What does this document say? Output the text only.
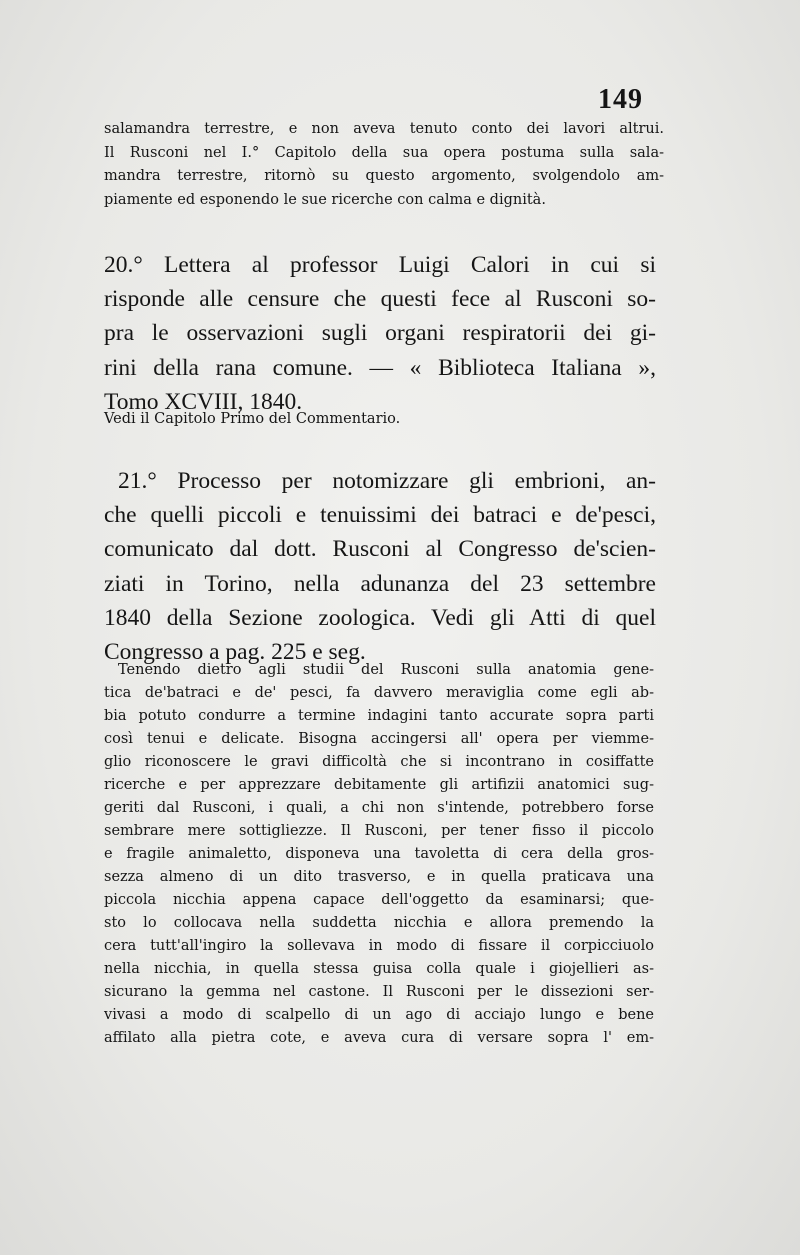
149
salamandra terrestre, e non aveva tenuto conto dei lavori altrui.
Il Rusconi nel I.° Capitolo della sua opera postuma sulla sala-
mandra terrestre, ritornò su questo argomento, svolgendolo am-
piamente ed esponendo le sue ricerche con calma e dignità.
20.° Lettera al professor Luigi Calori in cui si
risponde alle censure che questi fece al Rusconi so-
pra le osservazioni sugli organi respiratorii dei gi-
rini della rana comune. — « Biblioteca Italiana »,
Tomo XCVIII, 1840.
Vedi il Capitolo Primo del Commentario.
21.° Processo per notomizzare gli embrioni, an-
che quelli piccoli e tenuissimi dei batraci e de'pesci,
comunicato dal dott. Rusconi al Congresso de'scien-
ziati in Torino, nella adunanza del 23 settembre
1840 della Sezione zoologica. Vedi gli Atti di quel
Congresso a pag. 225 e seg.
Tenendo dietro agli studii del Rusconi sulla anatomia gene-
tica de'batraci e de' pesci, fa davvero meraviglia come egli ab-
bia potuto condurre a termine indagini tanto accurate sopra parti
così tenui e delicate. Bisogna accingersi all' opera per viemme-
glio riconoscere le gravi difficoltà che si incontrano in cosiffatte
ricerche e per apprezzare debitamente gli artifizii anatomici sug-
geriti dal Rusconi, i quali, a chi non s'intende, potrebbero forse
sembrare mere sottigliezze. Il Rusconi, per tener fisso il piccolo
e fragile animaletto, disponeva una tavoletta di cera della gros-
sezza almeno di un dito trasverso, e in quella praticava una
piccola nicchia appena capace dell'oggetto da esaminarsi; que-
sto lo collocava nella suddetta nicchia e allora premendo la
cera tutt'all'ingiro la sollevava in modo di fissare il corpicciuolo
nella nicchia, in quella stessa guisa colla quale i giojellieri as-
sicurano la gemma nel castone. Il Rusconi per le dissezioni ser-
vivasi a modo di scalpello di un ago di acciajo lungo e bene
affilato alla pietra cote, e aveva cura di versare sopra l' em-
